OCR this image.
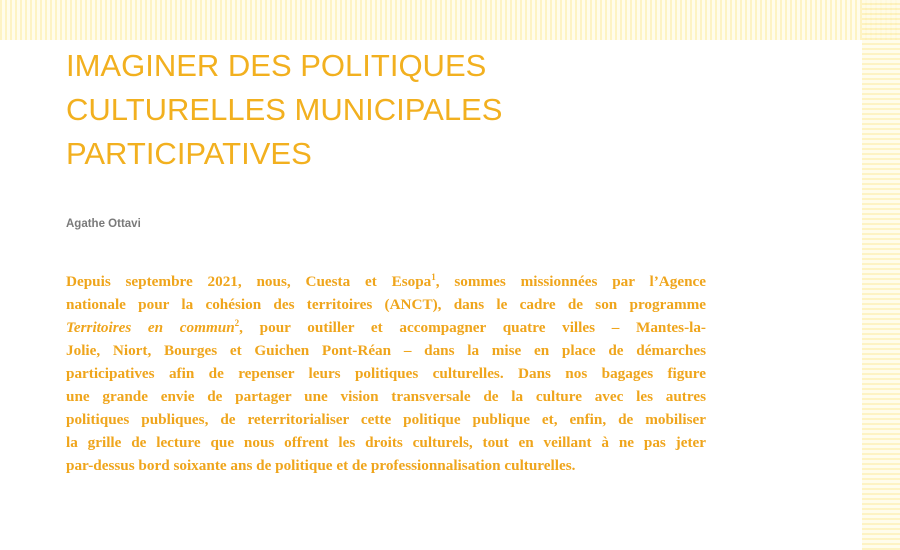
IMAGINER DES POLITIQUES
CULTURELLES MUNICIPALES
PARTICIPATIVES
Agathe Ottavi

Depuis septembre 2021, nous, Cuesta et Esopa$^1$, sommes missionnées par l’Agence
nationale pour la cohésion des territoires (ANCT), dans le cadre de son programme
Territoires en commun$^2$, pour outiller et accompagner quatre villes – Mantes-la-
Jolie, Niort, Bourges et Guichen Pont-Réan – dans la mise en place de démarches
participatives afin de repenser leurs politiques culturelles. Dans nos bagages figure
une grande envie de partager une vision transversale de la culture avec les autres
politiques publiques, de reterritorialiser cette politique publique et, enfin, de mobiliser
la grille de lecture que nous offrent les droits culturels, tout en veillant à ne pas jeter
par-dessus bord soixante ans de politique et de professionnalisation culturelles.
